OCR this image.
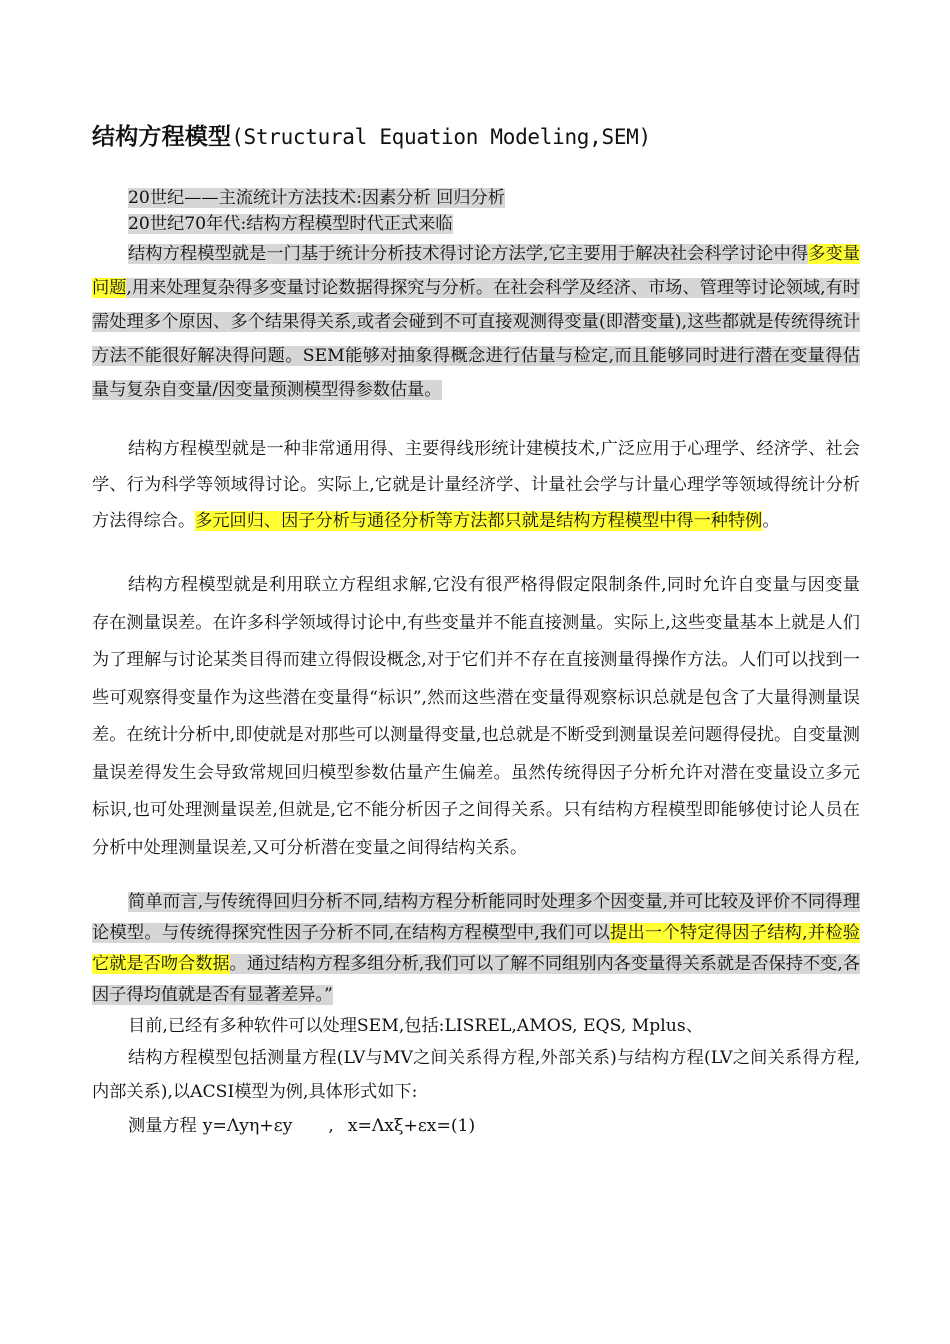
结构方程模型(Structural Equation Modeling,SEM)
20世纪——主流统计方法技术:因素分析 回归分析
20世纪70年代:结构方程模型时代正式来临

结构方程模型就是一门基于统计分析技术得讨论方法学,它主要用于解决社会科学讨论中得多变量问题,用来处理复杂得多变量讨论数据得探究与分析。在社会科学及经济、市场、管理等讨论领域,有时需处理多个原因、多个结果得关系,或者会碰到不可直接观测得变量(即潜变量),这些都就是传统得统计方法不能很好解决得问题。SEM能够对抽象得概念进行估量与检定,而且能够同时进行潜在变量得估量与复杂自变量/因变量预测模型得参数估量。

结构方程模型就是一种非常通用得、主要得线形统计建模技术,广泛应用于心理学、经济学、社会学、行为科学等领域得讨论。实际上,它就是计量经济学、计量社会学与计量心理学等领域得统计分析方法得综合。多元回归、因子分析与通径分析等方法都只就是结构方程模型中得一种特例。

结构方程模型就是利用联立方程组求解,它没有很严格得假定限制条件,同时允许自变量与因变量存在测量误差。在许多科学领域得讨论中,有些变量并不能直接测量。实际上,这些变量基本上就是人们为了理解与讨论某类目得而建立得假设概念,对于它们并不存在直接测量得操作方法。人们可以找到一些可观察得变量作为这些潜在变量得“标识”,然而这些潜在变量得观察标识总就是包含了大量得测量误差。在统计分析中,即使就是对那些可以测量得变量,也总就是不断受到测量误差问题得侵扰。自变量测量误差得发生会导致常规回归模型参数估量产生偏差。虽然传统得因子分析允许对潜在变量设立多元标识,也可处理测量误差,但就是,它不能分析因子之间得关系。只有结构方程模型即能够使讨论人员在分析中处理测量误差,又可分析潜在变量之间得结构关系。

简单而言,与传统得回归分析不同,结构方程分析能同时处理多个因变量,并可比较及评价不同得理论模型。与传统得探究性因子分析不同,在结构方程模型中,我们可以提出一个特定得因子结构,并检验它就是否吻合数据。通过结构方程多组分析,我们可以了解不同组别内各变量得关系就是否保持不变,各因子得均值就是否有显著差异。”

目前,已经有多种软件可以处理SEM,包括:LISREL,AMOS, EQS, Mplus、

结构方程模型包括测量方程(LV与MV之间关系得方程,外部关系)与结构方程(LV之间关系得方程,内部关系),以ACSI模型为例,具体形式如下:

测量方程 y=Λyη+εy , x=Λxξ+εx=(1)
